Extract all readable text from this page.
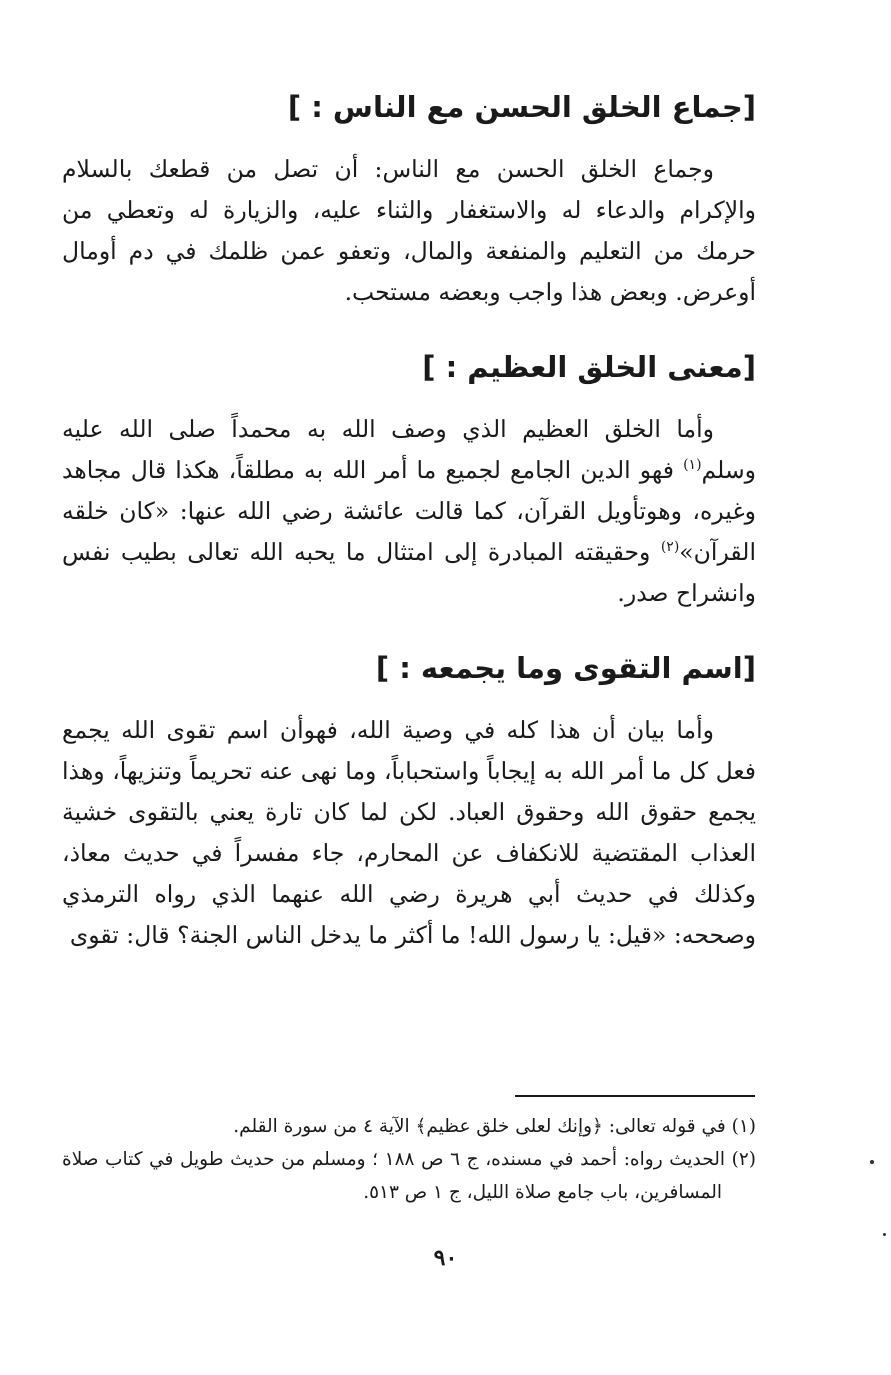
[جماع الخلق الحسن مع الناس : ]

وجماع الخلق الحسن مع الناس: أن تصل من قطعك بالسلام والإكرام والدعاء له والاستغفار والثناء عليه، والزيارة له وتعطي من حرمك من التعليم والمنفعة والمال، وتعفو عمن ظلمك في دم أومال أوعرض. وبعض هذا واجب وبعضه مستحب.

[معنى الخلق العظيم : ]

وأما الخلق العظيم الذي وصف الله به محمداً صلى الله عليه وسلم$^{(١)}$ فهو الدين الجامع لجميع ما أمر الله به مطلقاً، هكذا قال مجاهد وغيره، وهوتأويل القرآن، كما قالت عائشة رضي الله عنها: «كان خلقه القرآن»$^{(٢)}$ وحقيقته المبادرة إلى امتثال ما يحبه الله تعالى بطيب نفس وانشراح صدر.

[اسم التقوى وما يجمعه : ]

وأما بيان أن هذا كله في وصية الله، فهوأن اسم تقوى الله يجمع فعل كل ما أمر الله به إيجاباً واستحباباً، وما نهى عنه تحريماً وتنزيهاً، وهذا يجمع حقوق الله وحقوق العباد. لكن لما كان تارة يعني بالتقوى خشية العذاب المقتضية للانكفاف عن المحارم، جاء مفسراً في حديث معاذ، وكذلك في حديث أبي هريرة رضي الله عنهما الذي رواه الترمذي وصححه: «قيل: يا رسول الله! ما أكثر ما يدخل الناس الجنة؟ قال: تقوى

(١) في قوله تعالى: ﴿وإنك لعلى خلق عظيم﴾ الآية ٤ من سورة القلم.

(٢) الحديث رواه: أحمد في مسنده، ج ٦ ص ١٨٨ ؛ ومسلم من حديث طويل في كتاب صلاة المسافرين، باب جامع صلاة الليل، ج ١ ص ٥١٣.

٩٠
